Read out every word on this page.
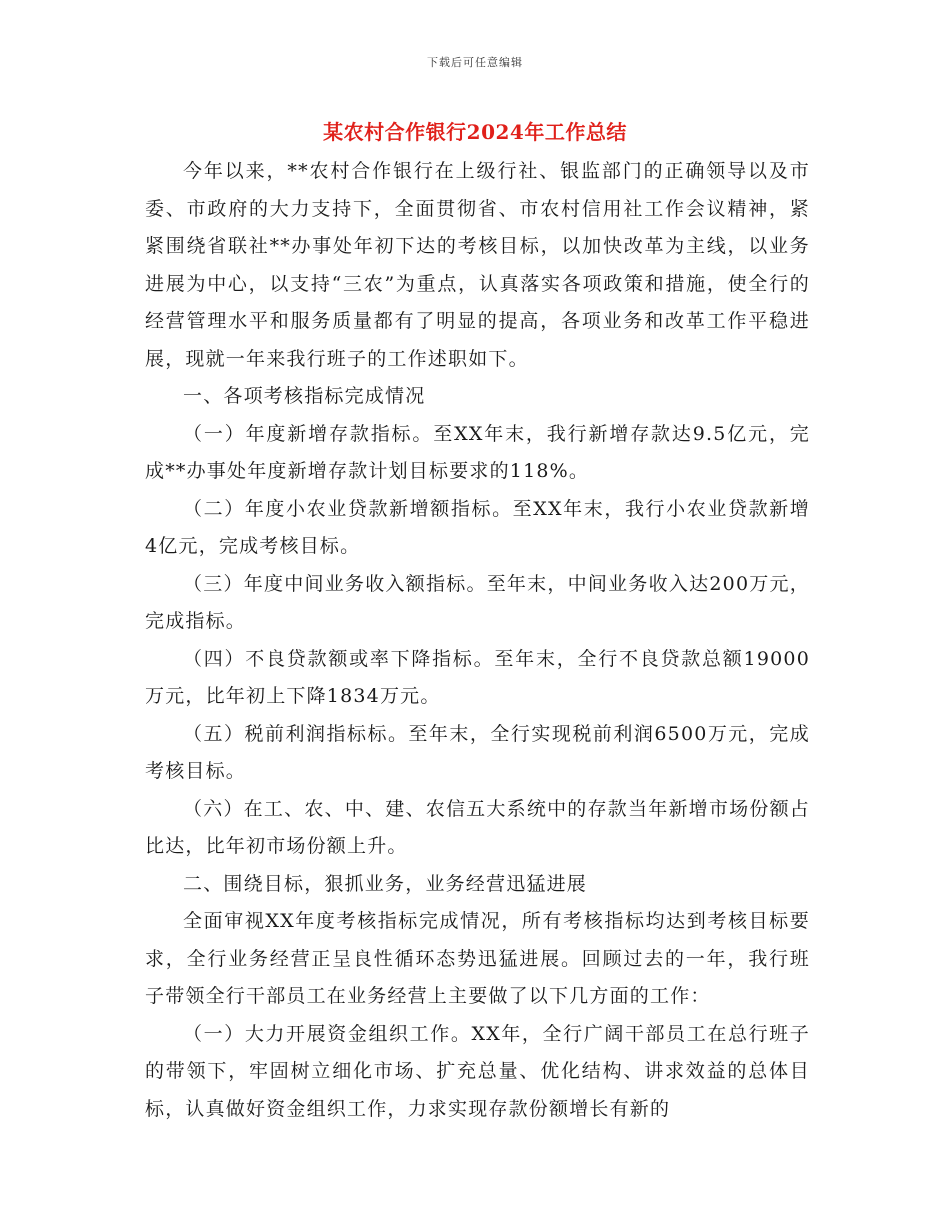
下载后可任意编辑
某农村合作银行2024年工作总结

今年以来，**农村合作银行在上级行社、银监部门的正确领导以及市委、市政府的大力支持下，全面贯彻省、市农村信用社工作会议精神，紧紧围绕省联社**办事处年初下达的考核目标，以加快改革为主线，以业务进展为中心，以支持“三农”为重点，认真落实各项政策和措施，使全行的经营管理水平和服务质量都有了明显的提高，各项业务和改革工作平稳进展，现就一年来我行班子的工作述职如下。

一、各项考核指标完成情况

（一）年度新增存款指标。至XX年末，我行新增存款达9.5亿元，完成**办事处年度新增存款计划目标要求的118%。

（二）年度小农业贷款新增额指标。至XX年末，我行小农业贷款新增4亿元，完成考核目标。

（三）年度中间业务收入额指标。至年末，中间业务收入达200万元，完成指标。

（四）不良贷款额或率下降指标。至年末，全行不良贷款总额19000万元，比年初上下降1834万元。

（五）税前利润指标标。至年末，全行实现税前利润6500万元，完成考核目标。

（六）在工、农、中、建、农信五大系统中的存款当年新增市场份额占比达，比年初市场份额上升。

二、围绕目标，狠抓业务，业务经营迅猛进展

全面审视XX年度考核指标完成情况，所有考核指标均达到考核目标要求，全行业务经营正呈良性循环态势迅猛进展。回顾过去的一年，我行班子带领全行干部员工在业务经营上主要做了以下几方面的工作：

（一）大力开展资金组织工作。XX年，全行广阔干部员工在总行班子的带领下，牢固树立细化市场、扩充总量、优化结构、讲求效益的总体目标，认真做好资金组织工作，力求实现存款份额增长有新的
